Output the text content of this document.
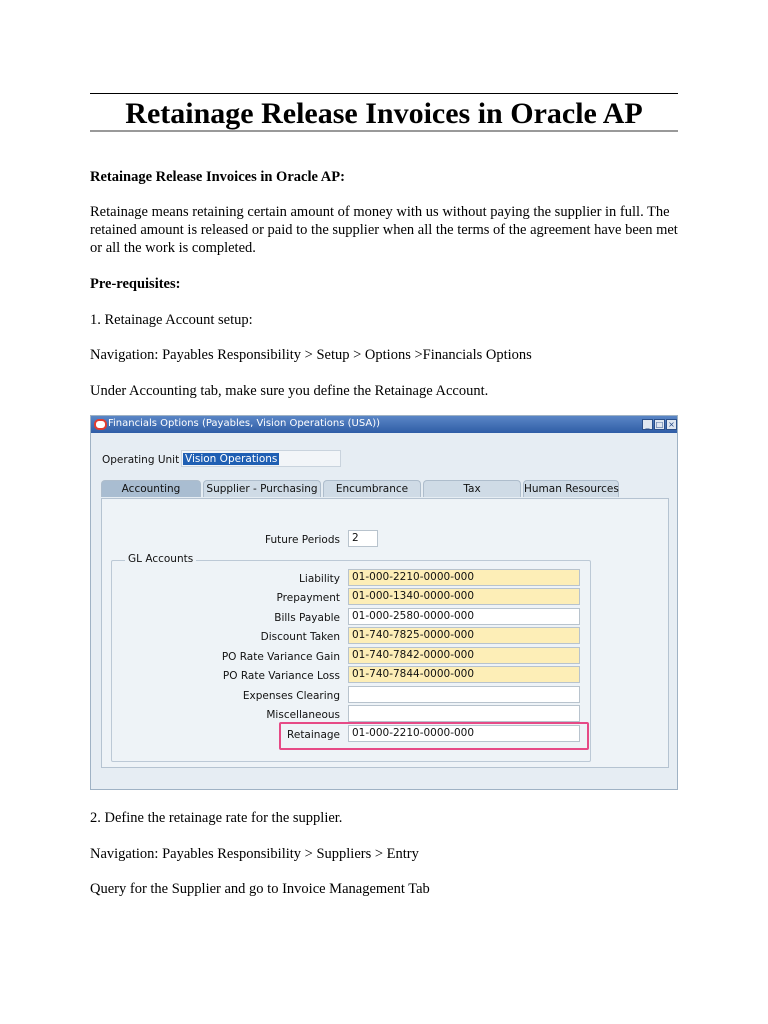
Retainage Release Invoices in Oracle AP
Retainage Release Invoices in Oracle AP:
Retainage means retaining certain amount of money with us without paying the supplier in full. The retained amount is released or paid to the supplier when all the terms of the agreement have been met or all the work is completed.
Pre-requisites:
1. Retainage Account setup:
Navigation: Payables Responsibility > Setup > Options >Financials Options
Under Accounting tab, make sure you define the Retainage Account.
Financials Options (Payables, Vision Operations (USA))	_ □ ×
Operating Unit Vision Operations
Accounting	Supplier - Purchasing	Encumbrance	Tax	Human Resources
Future Periods	2
GL Accounts
Liability	01-000-2210-0000-000
Prepayment	01-000-1340-0000-000
Bills Payable	01-000-2580-0000-000
Discount Taken	01-740-7825-0000-000
PO Rate Variance Gain	01-740-7842-0000-000
PO Rate Variance Loss	01-740-7844-0000-000
Expenses Clearing
Miscellaneous
Retainage	01-000-2210-0000-000
2. Define the retainage rate for the supplier.
Navigation: Payables Responsibility > Suppliers > Entry
Query for the Supplier and go to Invoice Management Tab
